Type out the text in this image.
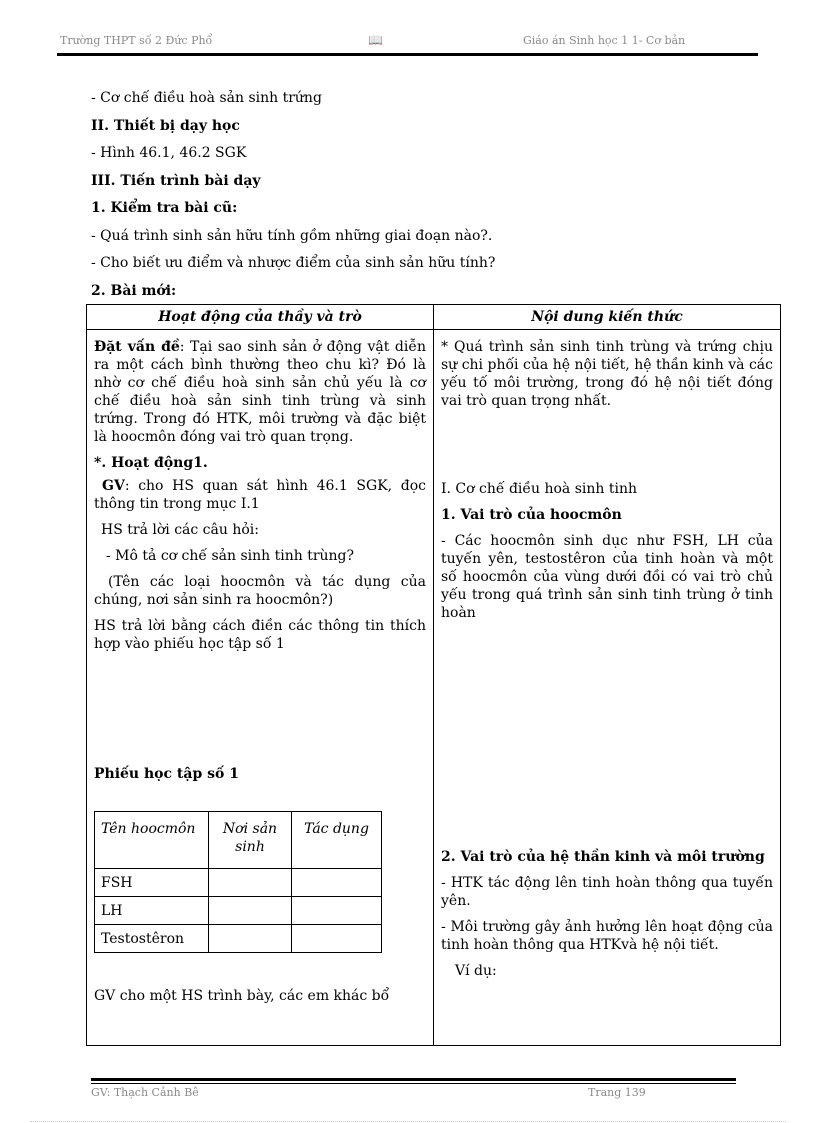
Trường THPT số 2 Đức Phổ	📖	Giáo án Sinh học 1 1- Cơ bản

- Cơ chế điều hoà sản sinh trứng

II. Thiết bị dạy học

- Hình 46.1, 46.2 SGK

III. Tiến trình bài dạy

1. Kiểm tra bài cũ:

- Quá trình sinh sản hữu tính gồm những giai đoạn nào?.

- Cho biết ưu điểm và nhược điểm của sinh sản hữu tính?

2. Bài mới:

Hoạt động của thầy và trò	Nội dung kiến thức

Đặt vấn đề: Tại sao sinh sản ở động vật diễn ra một cách bình thường theo chu kì? Đó là nhờ cơ chế điều hoà sinh sản chủ yếu là cơ chế điều hoà sản sinh tinh trùng và sinh trứng. Trong đó HTK, môi trường và đặc biệt là hoocmôn đóng vai trò quan trọng.

*. Hoạt động1.

GV: cho HS quan sát hình 46.1 SGK, đọc thông tin trong mục I.1

HS trả lời các câu hỏi:

- Mô tả cơ chế sản sinh tinh trùng?

(Tên các loại hoocmôn và tác dụng của chúng, nơi sản sinh ra hoocmôn?)

HS trả lời bằng cách điền các thông tin thích hợp vào phiếu học tập số 1

Phiếu học tập số 1

Tên hoocmôn	Nơi sản sinh	Tác dụng
FSH		
LH		
Testostêron		

GV cho một HS trình bày, các em khác bổ

* Quá trình sản sinh tinh trùng và trứng chịu sự chi phối của hệ nội tiết, hệ thần kinh và các yếu tố môi trường, trong đó hệ nội tiết đóng vai trò quan trọng nhất.

I. Cơ chế điều hoà sinh tinh

1. Vai trò của hoocmôn

- Các hoocmôn sinh dục như FSH, LH của tuyến yên, testostêron của tinh hoàn và một số hoocmôn của vùng dưới đồi có vai trò chủ yếu trong quá trình sản sinh tinh trùng ở tinh hoàn

2. Vai trò của hệ thần kinh và môi trường

- HTK tác động lên tinh hoàn thông qua tuyến yên.

- Môi trường gây ảnh hưởng lên hoạt động của tinh hoàn thông qua HTKvà hệ nội tiết.

Ví dụ:

GV: Thạch Cảnh Bê	Trang 139
